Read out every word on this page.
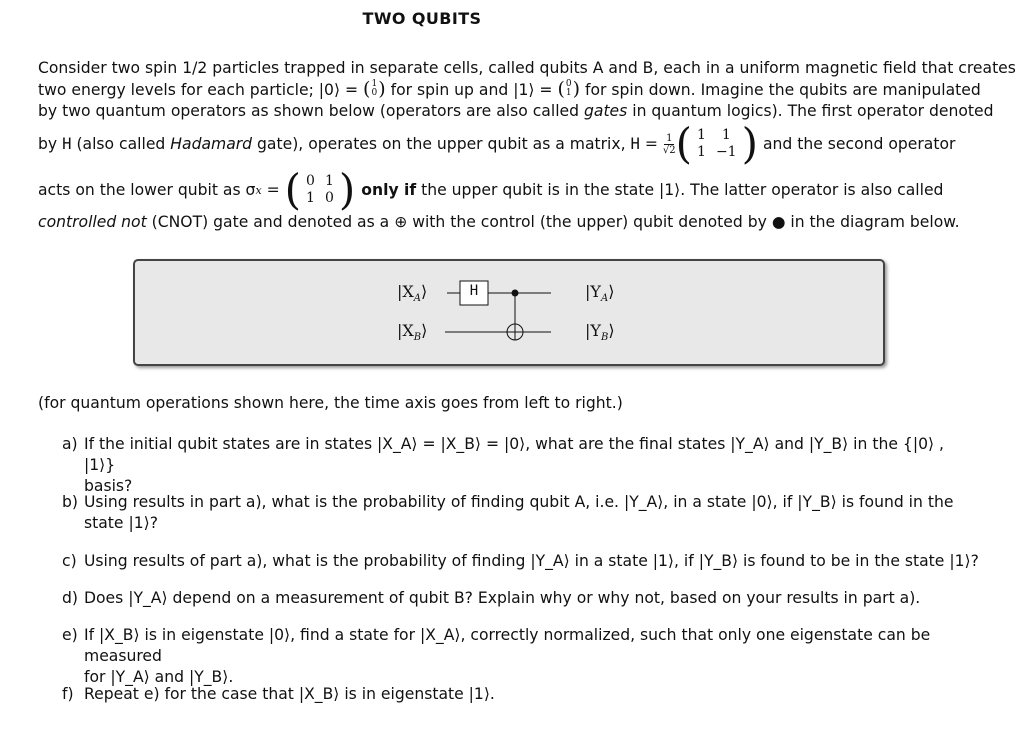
TWO QUBITS
Consider two spin 1/2 particles trapped in separate cells, called qubits A and B, each in a uniform magnetic field that creates
two energy levels for each particle; |0⟩ = ( 1
0 ) for spin up and |1⟩ = ( 0
1 ) for spin down. Imagine the qubits are manipulated
by two quantum operators as shown below (operators are also called gates in quantum logics). The first operator denoted
by H (also called Hadamard gate), operates on the upper qubit as a matrix, $H = \frac{1}{√2}$ ( 1	1
1	−1 ) and the second operator
acts on the lower qubit as σ x = ( 0	1
1	0 ) only if the upper qubit is in the state |1⟩. The latter operator is also called
controlled not (CNOT) gate and denoted as a ⊕ with the control (the upper) qubit denoted by ● in the diagram below.
H
$|X_A⟩$
$|X_B⟩$
$|Y_A⟩$
$|Y_B⟩$
(for quantum operations shown here, the time axis goes from left to right.)
a) If the initial qubit states are in states |X_A⟩ = |X_B⟩ = |0⟩, what are the final states |Y_A⟩ and |Y_B⟩ in the {|0⟩ , |1⟩}
basis?
b) Using results in part a), what is the probability of finding qubit A, i.e. |Y_A⟩, in a state |0⟩, if |Y_B⟩ is found in the
state |1⟩?
c) Using results of part a), what is the probability of finding |Y_A⟩ in a state |1⟩, if |Y_B⟩ is found to be in the state |1⟩?
d) Does |Y_A⟩ depend on a measurement of qubit B? Explain why or why not, based on your results in part a).
e) If |X_B⟩ is in eigenstate |0⟩, find a state for |X_A⟩, correctly normalized, such that only one eigenstate can be measured
for |Y_A⟩ and |Y_B⟩.
f) Repeat e) for the case that |X_B⟩ is in eigenstate |1⟩.
